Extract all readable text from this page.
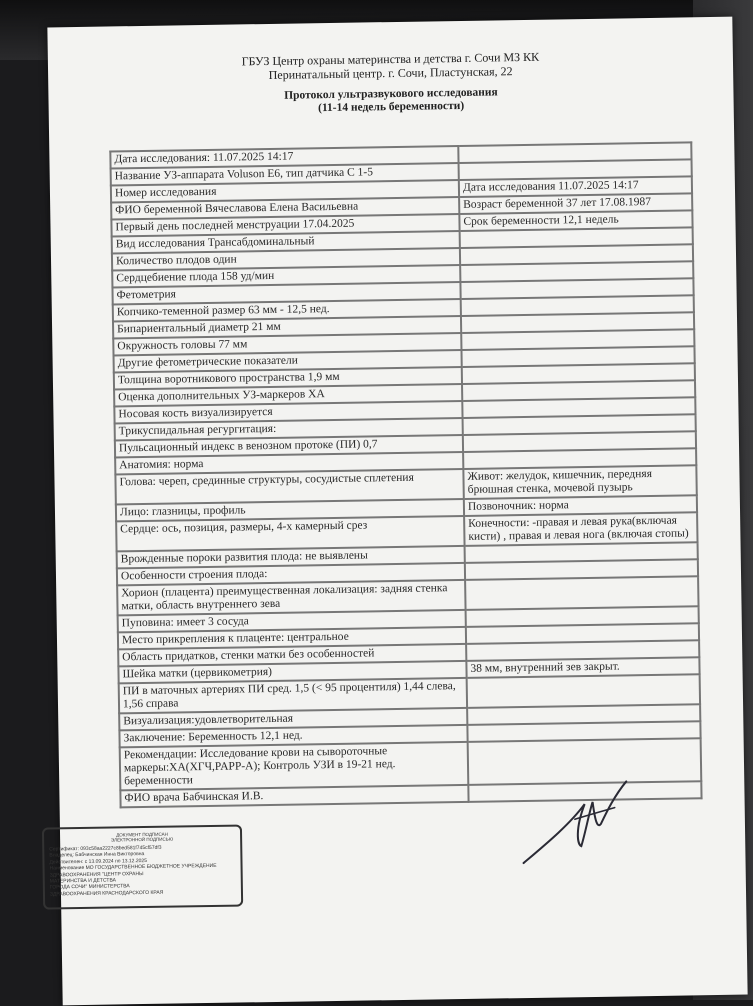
ГБУЗ Центр охраны материнства и детства г. Сочи МЗ КК
Перинатальный центр. г. Сочи, Пластунская, 22
Протокол ультразвукового исследования
(11-14 недель беременности)
Дата исследования: 11.07.2025 14:17	
Название УЗ-аппарата Voluson E6, тип датчика С 1-5	
Номер исследования	Дата исследования 11.07.2025 14:17
ФИО беременной Вячеславова Елена Васильевна	Возраст беременной 37 лет 17.08.1987
Первый день последней менструации 17.04.2025	Срок беременности 12,1 недель
Вид исследования Трансабдоминальный	
Количество плодов один	
Сердцебиение плода 158 уд/мин	
Фетометрия	
Копчико-теменной размер 63 мм - 12,5 нед.	
Бипариентальный диаметр 21 мм	
Окружность головы 77 мм	
Другие фетометрические показатели	
Толщина воротникового пространства 1,9 мм	
Оценка дополнительных УЗ-маркеров ХА	
Носовая кость визуализируется	
Трикуспидальная регургитация:	
Пульсационный индекс в венозном протоке (ПИ) 0,7	
Анатомия: норма	
Голова: череп, срединные структуры, сосудистые сплетения	Живот: желудок, кишечник, передняя брюшная стенка, мочевой пузырь
Лицо: глазницы, профиль	Позвоночник: норма
Сердце: ось, позиция, размеры, 4-х камерный срез	Конечности: -правая и левая рука(включая кисти) , правая и левая нога (включая стопы)
Врожденные пороки развития плода: не выявлены	
Особенности строения плода:	
Хорион (плацента) преимущественная локализация: задняя стенка матки, область внутреннего зева	
Пуповина: имеет 3 сосуда	
Место прикрепления к плаценте: центральное	
Область придатков, стенки матки без особенностей	
Шейка матки (цервикометрия)	38 мм, внутренний зев закрыт.
ПИ в маточных артериях ПИ сред. 1,5 (< 95 процентиля) 1,44 слева, 1,56 справа	
Визуализация:удовлетворительная	
Заключение: Беременность 12,1 нед.	
Рекомендации: Исследование крови на сывороточные маркеры:ХА(ХГЧ,PAPP-A); Контроль УЗИ в 19-21 нед. беременности	
ФИО врача Бабчинская И.В.	
ДОКУМЕНТ ПОДПИСАН
ЭЛЕКТРОННОЙ ПОДПИСЬЮ
Сертификат: 093c58aa2227c8bed581f745cf57df3
Владелец: Бабчинская Инна Викторовна
Действителен: с 13.09.2024 по 13.12.2025
Наименование МО ГОСУДАРСТВЕННОЕ БЮДЖЕТНОЕ УЧРЕЖДЕНИЕ
ЗДРАВООХРАНЕНИЯ "ЦЕНТР ОХРАНЫ
МАТЕРИНСТВА И ДЕТСТВА
ГОРОДА СОЧИ" МИНИСТЕРСТВА
ЗДРАВООХРАНЕНИЯ КРАСНОДАРСКОГО КРАЯ
